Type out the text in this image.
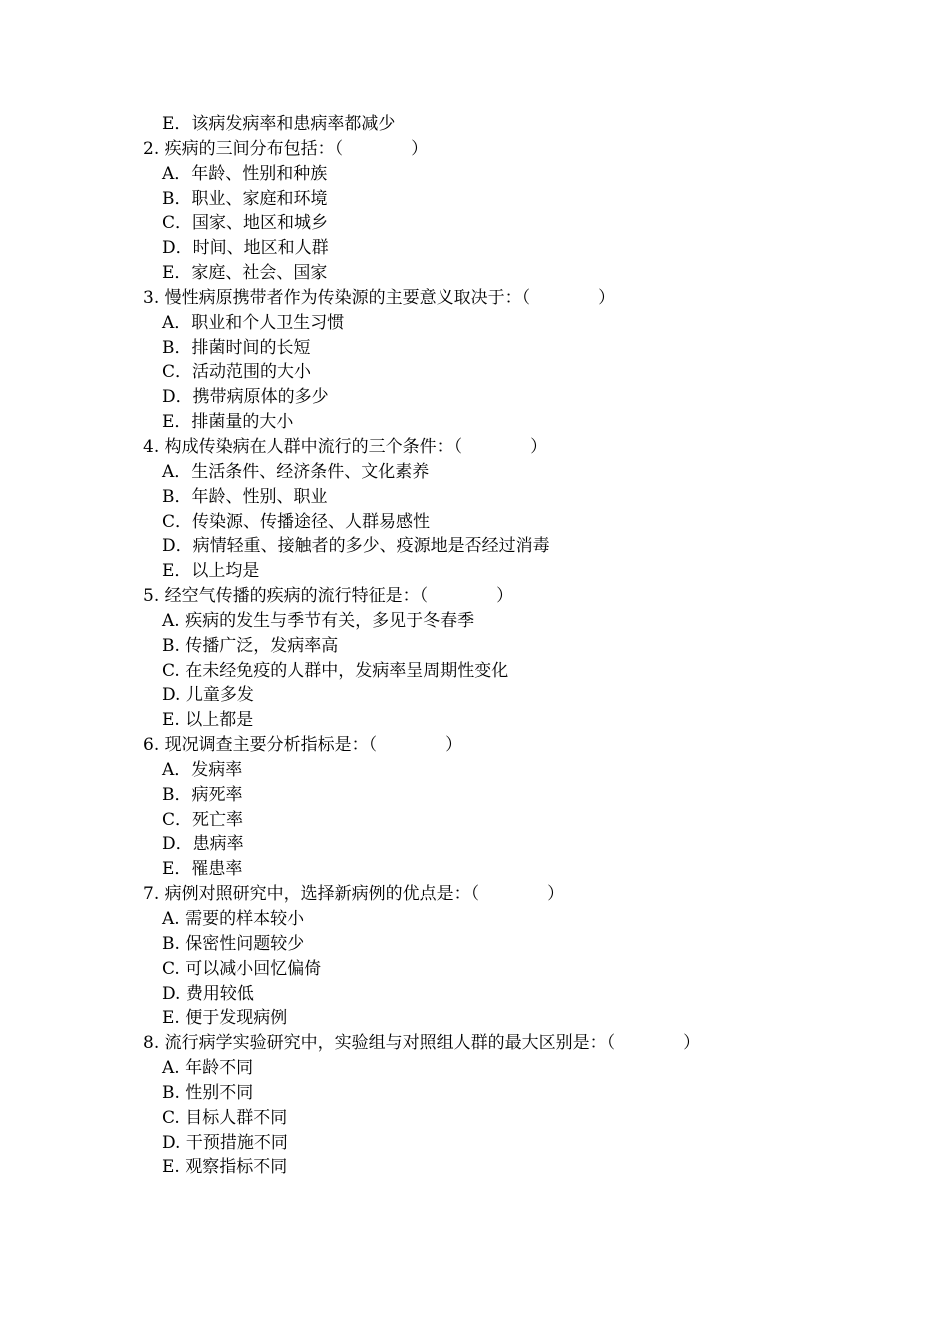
E．该病发病率和患病率都减少
2. 疾病的三间分布包括：（　　　　）
A．年龄、性别和种族
B．职业、家庭和环境
C．国家、地区和城乡
D．时间、地区和人群
E．家庭、社会、国家
3. 慢性病原携带者作为传染源的主要意义取决于：（　　　　）
A．职业和个人卫生习惯
B．排菌时间的长短
C．活动范围的大小
D．携带病原体的多少
E．排菌量的大小
4. 构成传染病在人群中流行的三个条件：（　　　　）
A．生活条件、经济条件、文化素养
B．年龄、性别、职业
C．传染源、传播途径、人群易感性
D．病情轻重、接触者的多少、疫源地是否经过消毒
E．以上均是
5. 经空气传播的疾病的流行特征是：（　　　　）
A. 疾病的发生与季节有关，多见于冬春季
B. 传播广泛，发病率高
C. 在未经免疫的人群中，发病率呈周期性变化
D. 儿童多发
E. 以上都是
6. 现况调查主要分析指标是：（　　　　）
A．发病率
B．病死率
C．死亡率
D．患病率
E．罹患率
7. 病例对照研究中，选择新病例的优点是：（　　　　）
A. 需要的样本较小
B. 保密性问题较少
C. 可以减小回忆偏倚
D. 费用较低
E. 便于发现病例
8. 流行病学实验研究中，实验组与对照组人群的最大区别是：（　　　　）
A. 年龄不同
B. 性别不同
C. 目标人群不同
D. 干预措施不同
E. 观察指标不同
